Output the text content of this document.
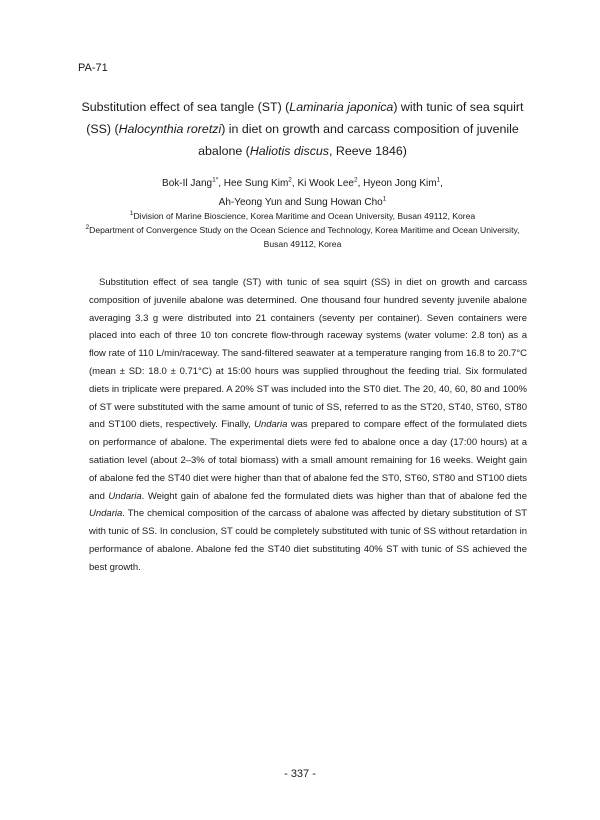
PA-71
Substitution effect of sea tangle (ST) (Laminaria japonica) with tunic of sea squirt (SS) (Halocynthia roretzi) in diet on growth and carcass composition of juvenile abalone (Haliotis discus, Reeve 1846)
Bok-Il Jang$^{1*}$, Hee Sung Kim$^2$, Ki Wook Lee$^2$, Hyeon Jong Kim$^1$,
Ah-Yeong Yun and Sung Howan Cho$^1$
$^1$Division of Marine Bioscience, Korea Maritime and Ocean University, Busan 49112, Korea
$^2$Department of Convergence Study on the Ocean Science and Technology, Korea Maritime and Ocean University, Busan 49112, Korea

Substitution effect of sea tangle (ST) with tunic of sea squirt (SS) in diet on growth and carcass composition of juvenile abalone was determined. One thousand four hundred seventy juvenile abalone averaging 3.3 g were distributed into 21 containers (seventy per container). Seven containers were placed into each of three 10 ton concrete flow-through raceway systems (water volume: 2.8 ton) as a flow rate of 110 L/min/raceway. The sand-filtered seawater at a temperature ranging from 16.8 to 20.7°C (mean ± SD: 18.0 ± 0.71°C) at 15:00 hours was supplied throughout the feeding trial. Six formulated diets in triplicate were prepared. A 20% ST was included into the ST0 diet. The 20, 40, 60, 80 and 100% of ST were substituted with the same amount of tunic of SS, referred to as the ST20, ST40, ST60, ST80 and ST100 diets, respectively. Finally, Undaria was prepared to compare effect of the formulated diets on performance of abalone. The experimental diets were fed to abalone once a day (17:00 hours) at a satiation level (about 2–3% of total biomass) with a small amount remaining for 16 weeks. Weight gain of abalone fed the ST40 diet were higher than that of abalone fed the ST0, ST60, ST80 and ST100 diets and Undaria. Weight gain of abalone fed the formulated diets was higher than that of abalone fed the Undaria. The chemical composition of the carcass of abalone was affected by dietary substitution of ST with tunic of SS. In conclusion, ST could be completely substituted with tunic of SS without retardation in performance of abalone. Abalone fed the ST40 diet substituting 40% ST with tunic of SS achieved the best growth.

- 337 -
